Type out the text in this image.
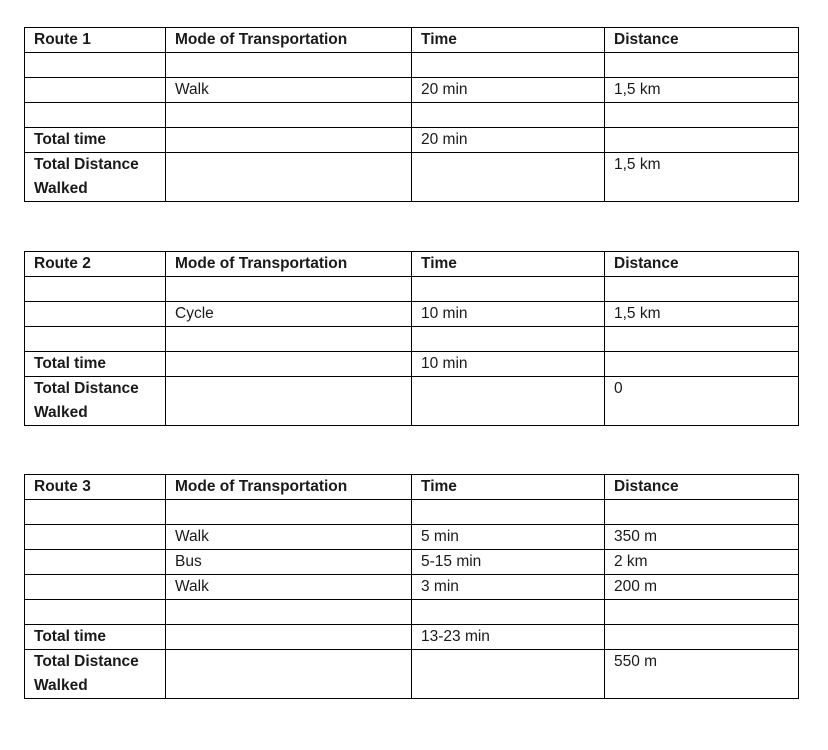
Route 1	Mode of Transportation	Time	Distance

	Walk	20 min	1,5 km

Total time		20 min	
Total Distance Walked			1,5 km
Route 2	Mode of Transportation	Time	Distance

	Cycle	10 min	1,5 km

Total time		10 min	
Total Distance Walked			0
Route 3	Mode of Transportation	Time	Distance

	Walk	5 min	350 m
	Bus	5-15 min	2 km
	Walk	3 min	200 m

Total time		13-23 min	
Total Distance Walked			550 m
